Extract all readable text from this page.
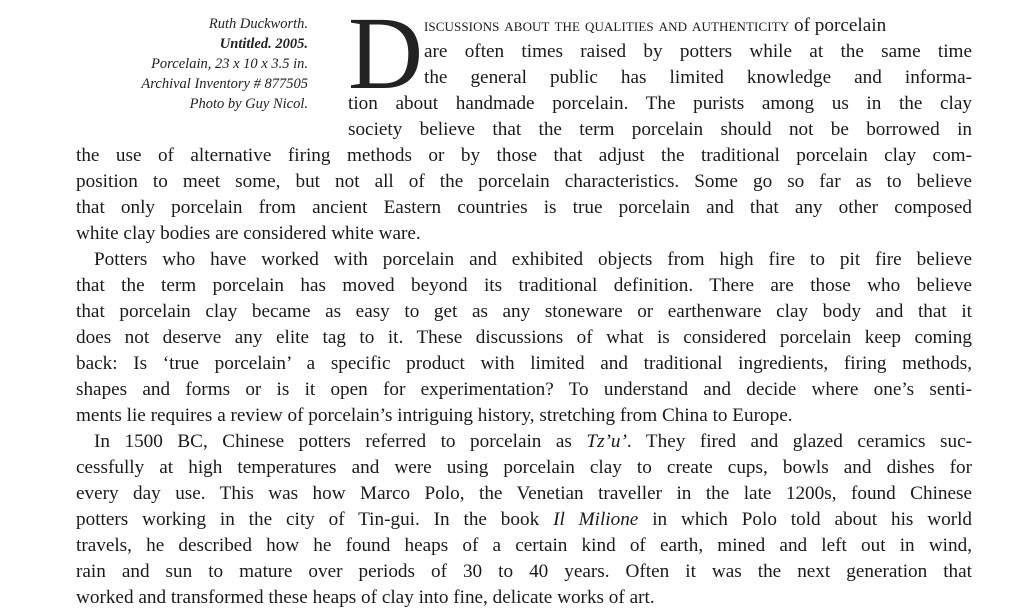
Ruth Duckworth.
Untitled. 2005.
Porcelain, 23 x 10 x 3.5 in.
Archival Inventory # 877505
Photo by Guy Nicol. D iscussions about the qualities and authenticity of porcelain
are often times raised by potters while at the same time
the general public has limited knowledge and informa-
tion about handmade porcelain. The purists among us in the clay
society believe that the term porcelain should not be borrowed in
the use of alternative firing methods or by those that adjust the traditional porcelain clay com-
position to meet some, but not all of the porcelain characteristics. Some go so far as to believe
that only porcelain from ancient Eastern countries is true porcelain and that any other composed
white clay bodies are considered white ware.
Potters who have worked with porcelain and exhibited objects from high fire to pit fire believe
that the term porcelain has moved beyond its traditional definition. There are those who believe
that porcelain clay became as easy to get as any stoneware or earthenware clay body and that it
does not deserve any elite tag to it. These discussions of what is considered porcelain keep coming
back: Is ‘true porcelain’ a specific product with limited and traditional ingredients, firing methods,
shapes and forms or is it open for experimentation? To understand and decide where one’s senti-
ments lie requires a review of porcelain’s intriguing history, stretching from China to Europe.
In 1500 BC, Chinese potters referred to porcelain as Tz’u’. They fired and glazed ceramics suc-
cessfully at high temperatures and were using porcelain clay to create cups, bowls and dishes for
every day use. This was how Marco Polo, the Venetian traveller in the late 1200s, found Chinese
potters working in the city of Tin-gui. In the book Il Milione in which Polo told about his world
travels, he described how he found heaps of a certain kind of earth, mined and left out in wind,
rain and sun to mature over periods of 30 to 40 years. Often it was the next generation that
worked and transformed these heaps of clay into fine, delicate works of art.
